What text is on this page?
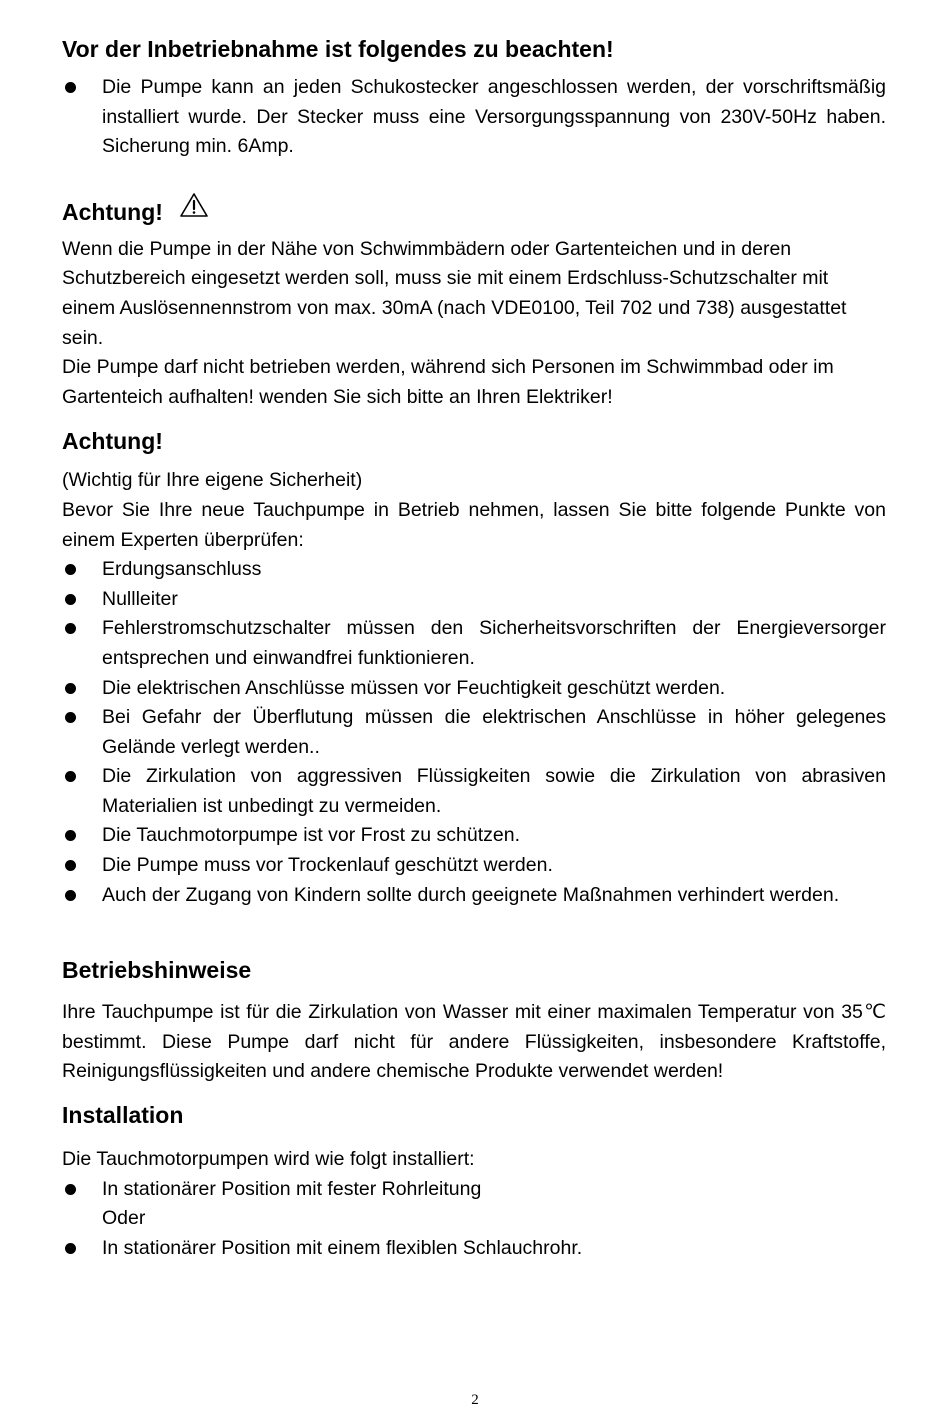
Vor der Inbetriebnahme ist folgendes zu beachten!
Die Pumpe kann an jeden Schukostecker angeschlossen werden, der vorschriftsmäßig installiert wurde. Der Stecker muss eine Versorgungsspannung von 230V-50Hz haben. Sicherung min. 6Amp.
Achtung!

Wenn die Pumpe in der Nähe von Schwimmbädern oder Gartenteichen und in deren Schutzbereich eingesetzt werden soll, muss sie mit einem Erdschluss-Schutzschalter mit einem Auslösennennstrom von max. 30mA (nach VDE0100, Teil 702 und 738) ausgestattet sein.

Die Pumpe darf nicht betrieben werden, während sich Personen im Schwimmbad oder im Gartenteich aufhalten! wenden Sie sich bitte an Ihren Elektriker!

Achtung!

(Wichtig für Ihre eigene Sicherheit)

Bevor Sie Ihre neue Tauchpumpe in Betrieb nehmen, lassen Sie bitte folgende Punkte von einem Experten überprüfen:

Erdungsanschluss
Nullleiter
Fehlerstromschutzschalter müssen den Sicherheitsvorschriften der Energieversorger entsprechen und einwandfrei funktionieren.
Die elektrischen Anschlüsse müssen vor Feuchtigkeit geschützt werden.
Bei Gefahr der Überflutung müssen die elektrischen Anschlüsse in höher gelegenes Gelände verlegt werden..
Die Zirkulation von aggressiven Flüssigkeiten sowie die Zirkulation von abrasiven Materialien ist unbedingt zu vermeiden.
Die Tauchmotorpumpe ist vor Frost zu schützen.
Die Pumpe muss vor Trockenlauf geschützt werden.
Auch der Zugang von Kindern sollte durch geeignete Maßnahmen verhindert werden.
Betriebshinweise

Ihre Tauchpumpe ist für die Zirkulation von Wasser mit einer maximalen Temperatur von 35℃ bestimmt. Diese Pumpe darf nicht für andere Flüssigkeiten, insbesondere Kraftstoffe, Reinigungsflüssigkeiten und andere chemische Produkte verwendet werden!

Installation

Die Tauchmotorpumpen wird wie folgt installiert:

In stationärer Position mit fester Rohrleitung
Oder
In stationärer Position mit einem flexiblen Schlauchrohr.
2
